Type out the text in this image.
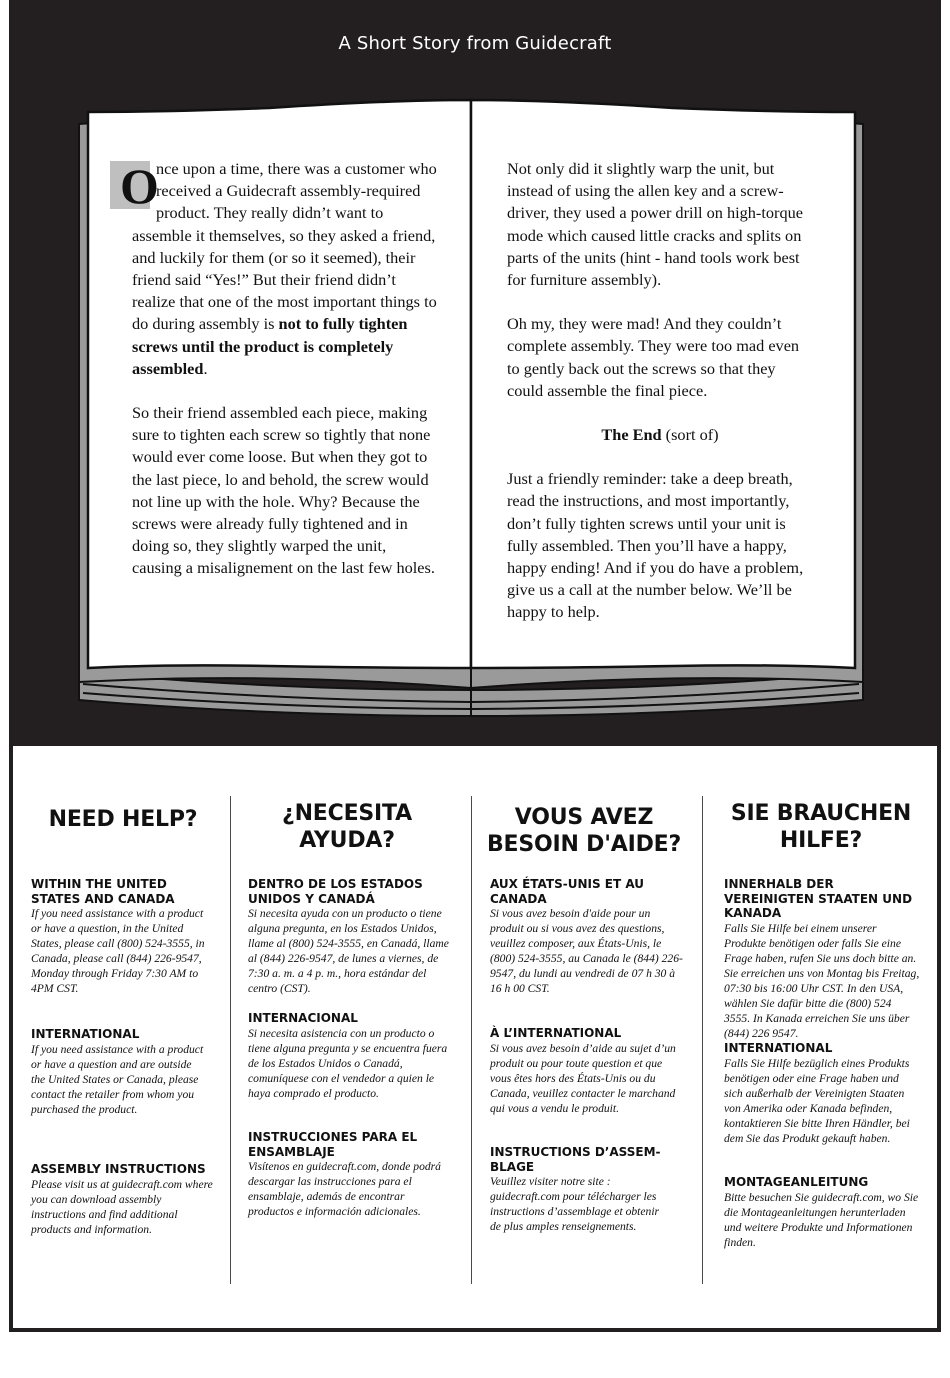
A Short Story from Guidecraft

O
nce upon a time, there was a customer who received a Guidecraft assembly-required product. They really didn’t want to assemble it themselves, so they asked a friend, and luckily for them (or so it seemed), their friend said “Yes!” But their friend didn’t realize that one of the most important things to do during assembly is not to fully tighten screws until the product is completely assembled.

So their friend assembled each piece, making sure to tighten each screw so tightly that none would ever come loose. But when they got to the last piece, lo and behold, the screw would not line up with the hole. Why? Because the screws were already fully tightened and in doing so, they slightly warped the unit, causing a misalignement on the last few holes.

Not only did it slightly warp the unit, but instead of using the allen key and a screw-driver, they used a power drill on high-torque mode which caused little cracks and splits on parts of the units (hint - hand tools work best for furniture assembly).

Oh my, they were mad! And they couldn’t complete assembly. They were too mad even to gently back out the screws so that they could assemble the final piece.

The End (sort of)

Just a friendly reminder: take a deep breath, read the instructions, and most importantly, don’t fully tighten screws until your unit is fully assembled. Then you’ll have a happy, happy ending! And if you do have a problem, give us a call at the number below. We’ll be happy to help.

NEED HELP?
WITHIN THE UNITED STATES AND CANADA
If you need assistance with a product or have a question, in the United States, please call (800) 524-3555, in Canada, please call (844) 226-9547, Monday through Friday 7:30 AM to 4PM CST.
INTERNATIONAL
If you need assistance with a product or have a question and are outside the United States or Canada, please contact the retailer from whom you purchased the product.
ASSEMBLY INSTRUCTIONS
Please visit us at guidecraft.com where you can download assembly instructions and find additional products and information.
¿NECESITA AYUDA?
DENTRO DE LOS ESTADOS UNIDOS Y CANADÁ
Si necesita ayuda con un producto o tiene alguna pregunta, en los Estados Unidos, llame al (800) 524-3555, en Canadá, llame al (844) 226-9547, de lunes a viernes, de 7:30 a. m. a 4 p. m., hora estándar del centro (CST).
INTERNACIONAL
Si necesita asistencia con un producto o tiene alguna pregunta y se encuentra fuera de los Estados Unidos o Canadá, comuníquese con el vendedor a quien le haya comprado el producto.
INSTRUCCIONES PARA EL ENSAMBLAJE
Visítenos en guidecraft.com, donde podrá descargar las instrucciones para el ensamblaje, además de encontrar productos e información adicionales.
VOUS AVEZ BESOIN D'AIDE?
AUX ÉTATS-UNIS ET AU CANADA
Si vous avez besoin d'aide pour un produit ou si vous avez des questions, veuillez composer, aux États-Unis, le (800) 524-3555, au Canada le (844) 226-9547, du lundi au vendredi de 07 h 30 à 16 h 00 CST.
À L’INTERNATIONAL
Si vous avez besoin d’aide au sujet d’un produit ou pour toute question et que vous êtes hors des États-Unis ou du Canada, veuillez contacter le marchand qui vous a vendu le produit.
INSTRUCTIONS D’ASSEM-BLAGE
Veuillez visiter notre site : guidecraft.com pour télécharger les instructions d’assemblage et obtenir de plus amples renseignements.
SIE BRAUCHEN HILFE?
INNERHALB DER VEREINIGTEN STAATEN UND KANADA
Falls Sie Hilfe bei einem unserer Produkte benötigen oder falls Sie eine Frage haben, rufen Sie uns doch bitte an. Sie erreichen uns von Montag bis Freitag, 07:30 bis 16:00 Uhr CST. In den USA, wählen Sie dafür bitte die (800) 524 3555. In Kanada erreichen Sie uns über (844) 226 9547.
INTERNATIONAL
Falls Sie Hilfe bezüglich eines Produkts benötigen oder eine Frage haben und sich außerhalb der Vereinigten Staaten von Amerika oder Kanada befinden, kontaktieren Sie bitte Ihren Händler, bei dem Sie das Produkt gekauft haben.
MONTAGEANLEITUNG
Bitte besuchen Sie guidecraft.com, wo Sie die Montageanleitungen herunterladen und weitere Produkte und Informationen finden.
